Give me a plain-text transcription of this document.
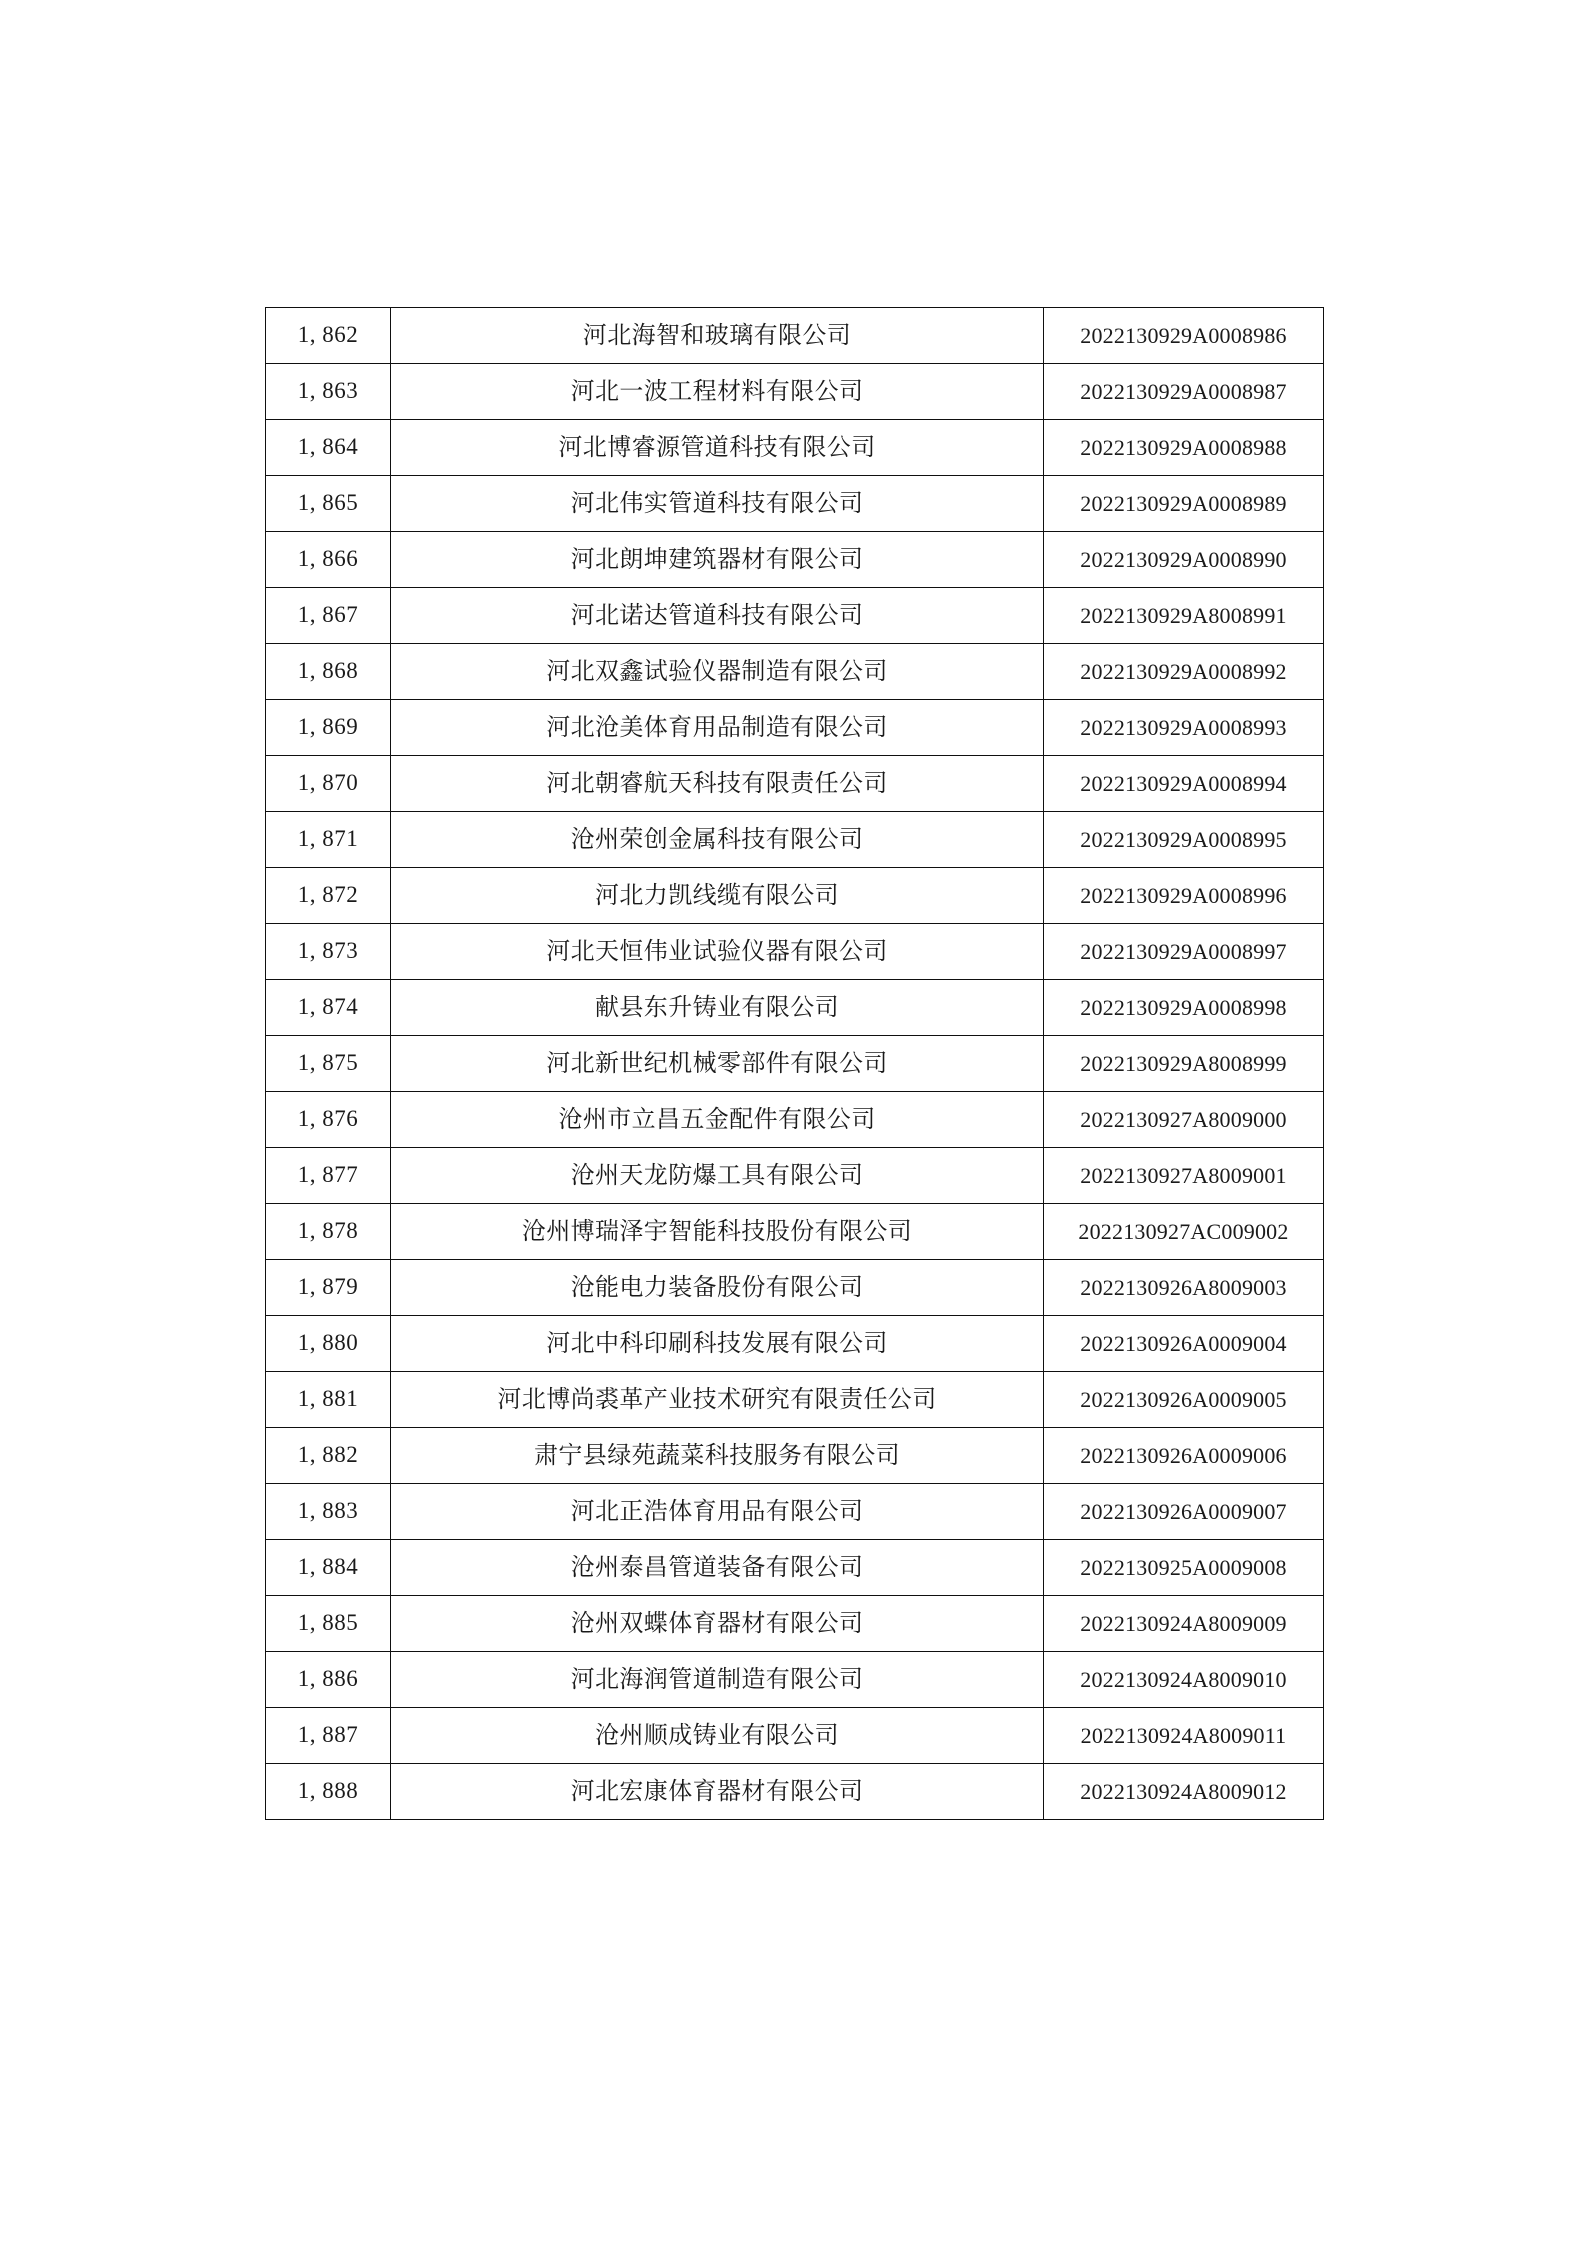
1, 862	河北海智和玻璃有限公司	2022130929A0008986
1, 863	河北一波工程材料有限公司	2022130929A0008987
1, 864	河北博睿源管道科技有限公司	2022130929A0008988
1, 865	河北伟实管道科技有限公司	2022130929A0008989
1, 866	河北朗坤建筑器材有限公司	2022130929A0008990
1, 867	河北诺达管道科技有限公司	2022130929A8008991
1, 868	河北双鑫试验仪器制造有限公司	2022130929A0008992
1, 869	河北沧美体育用品制造有限公司	2022130929A0008993
1, 870	河北朝睿航天科技有限责任公司	2022130929A0008994
1, 871	沧州荣创金属科技有限公司	2022130929A0008995
1, 872	河北力凯线缆有限公司	2022130929A0008996
1, 873	河北天恒伟业试验仪器有限公司	2022130929A0008997
1, 874	献县东升铸业有限公司	2022130929A0008998
1, 875	河北新世纪机械零部件有限公司	2022130929A8008999
1, 876	沧州市立昌五金配件有限公司	2022130927A8009000
1, 877	沧州天龙防爆工具有限公司	2022130927A8009001
1, 878	沧州博瑞泽宇智能科技股份有限公司	2022130927AC009002
1, 879	沧能电力装备股份有限公司	2022130926A8009003
1, 880	河北中科印刷科技发展有限公司	2022130926A0009004
1, 881	河北博尚裘革产业技术研究有限责任公司	2022130926A0009005
1, 882	肃宁县绿苑蔬菜科技服务有限公司	2022130926A0009006
1, 883	河北正浩体育用品有限公司	2022130926A0009007
1, 884	沧州泰昌管道装备有限公司	2022130925A0009008
1, 885	沧州双蝶体育器材有限公司	2022130924A8009009
1, 886	河北海润管道制造有限公司	2022130924A8009010
1, 887	沧州顺成铸业有限公司	2022130924A8009011
1, 888	河北宏康体育器材有限公司	2022130924A8009012
